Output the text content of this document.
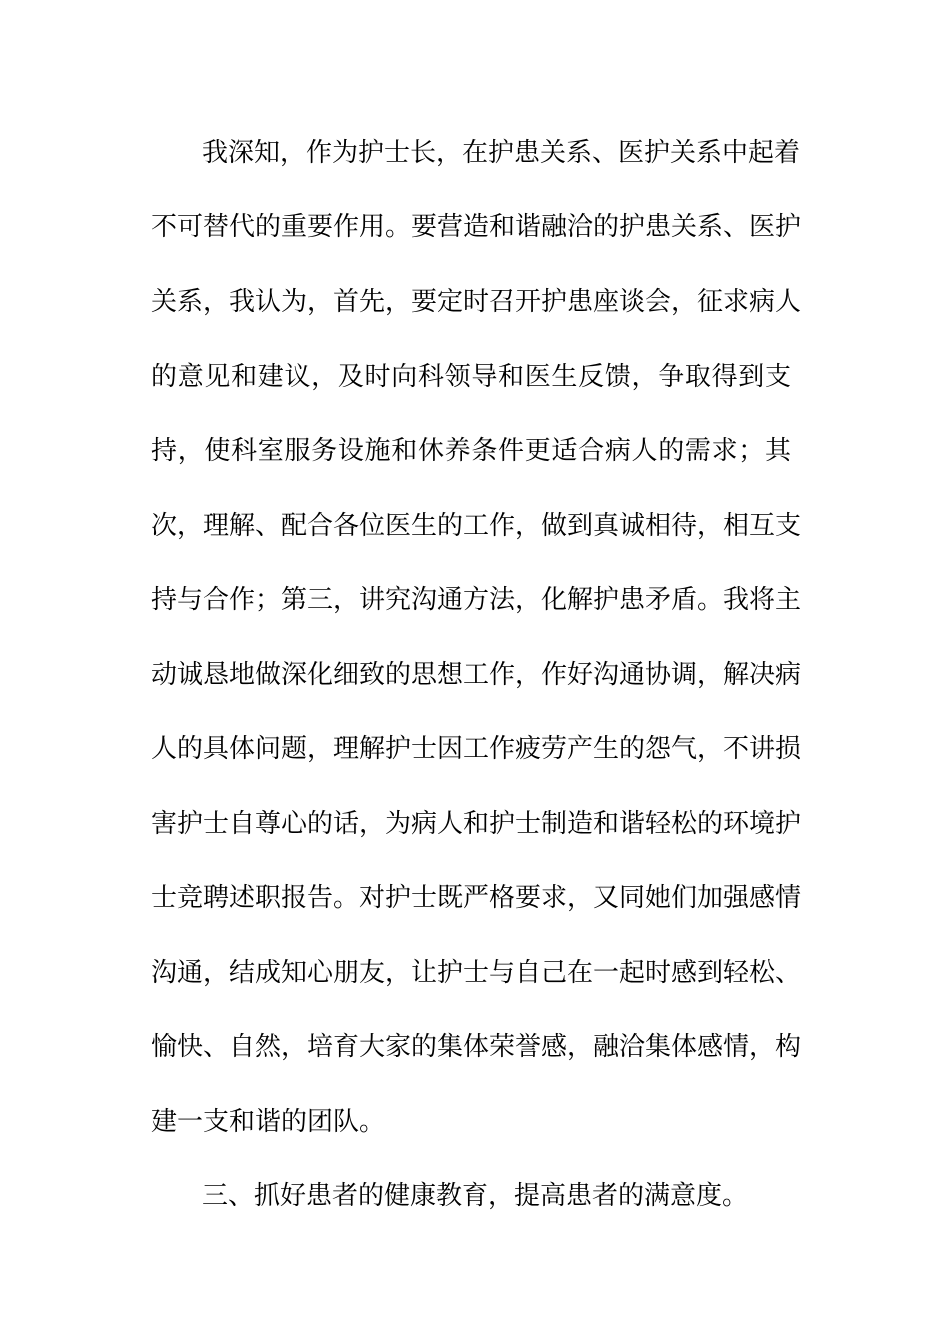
我深知，作为护士长，在护患关系、医护关系中起着
不可替代的重要作用。要营造和谐融洽的护患关系、医护
关系，我认为，首先，要定时召开护患座谈会，征求病人
的意见和建议，及时向科领导和医生反馈，争取得到支
持，使科室服务设施和休养条件更适合病人的需求；其
次，理解、配合各位医生的工作，做到真诚相待，相互支
持与合作；第三，讲究沟通方法，化解护患矛盾。我将主
动诚恳地做深化细致的思想工作，作好沟通协调，解决病
人的具体问题，理解护士因工作疲劳产生的怨气，不讲损
害护士自尊心的话，为病人和护士制造和谐轻松的环境护
士竞聘述职报告。对护士既严格要求，又同她们加强感情
沟通，结成知心朋友，让护士与自己在一起时感到轻松、
愉快、自然，培育大家的集体荣誉感，融洽集体感情，构
建一支和谐的团队。
三、抓好患者的健康教育，提高患者的满意度。
